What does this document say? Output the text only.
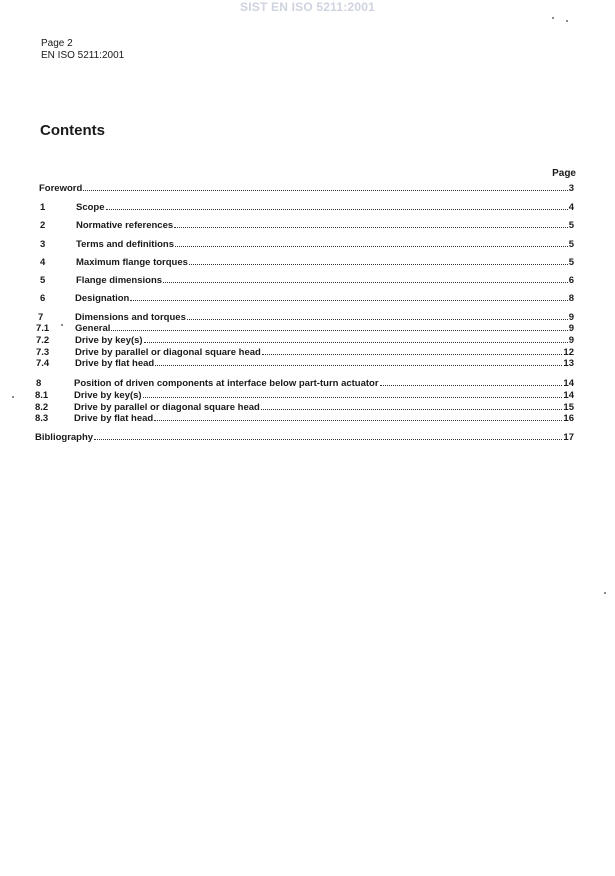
SIST EN ISO 5211:2001
Page 2
EN ISO 5211:2001
Contents
Page
Foreword	3
1	Scope	4
2	Normative references	5
3	Terms and definitions	5
4	Maximum flange torques	5
5	Flange dimensions	6
6	Designation	8
7	Dimensions and torques	9
7.1	General	9
7.2	Drive by key(s)	9
7.3	Drive by parallel or diagonal square head	12
7.4	Drive by flat head	13
8	Position of driven components at interface below part-turn actuator	14
8.1	Drive by key(s)	14
8.2	Drive by parallel or diagonal square head	15
8.3	Drive by flat head	16
Bibliography	17
